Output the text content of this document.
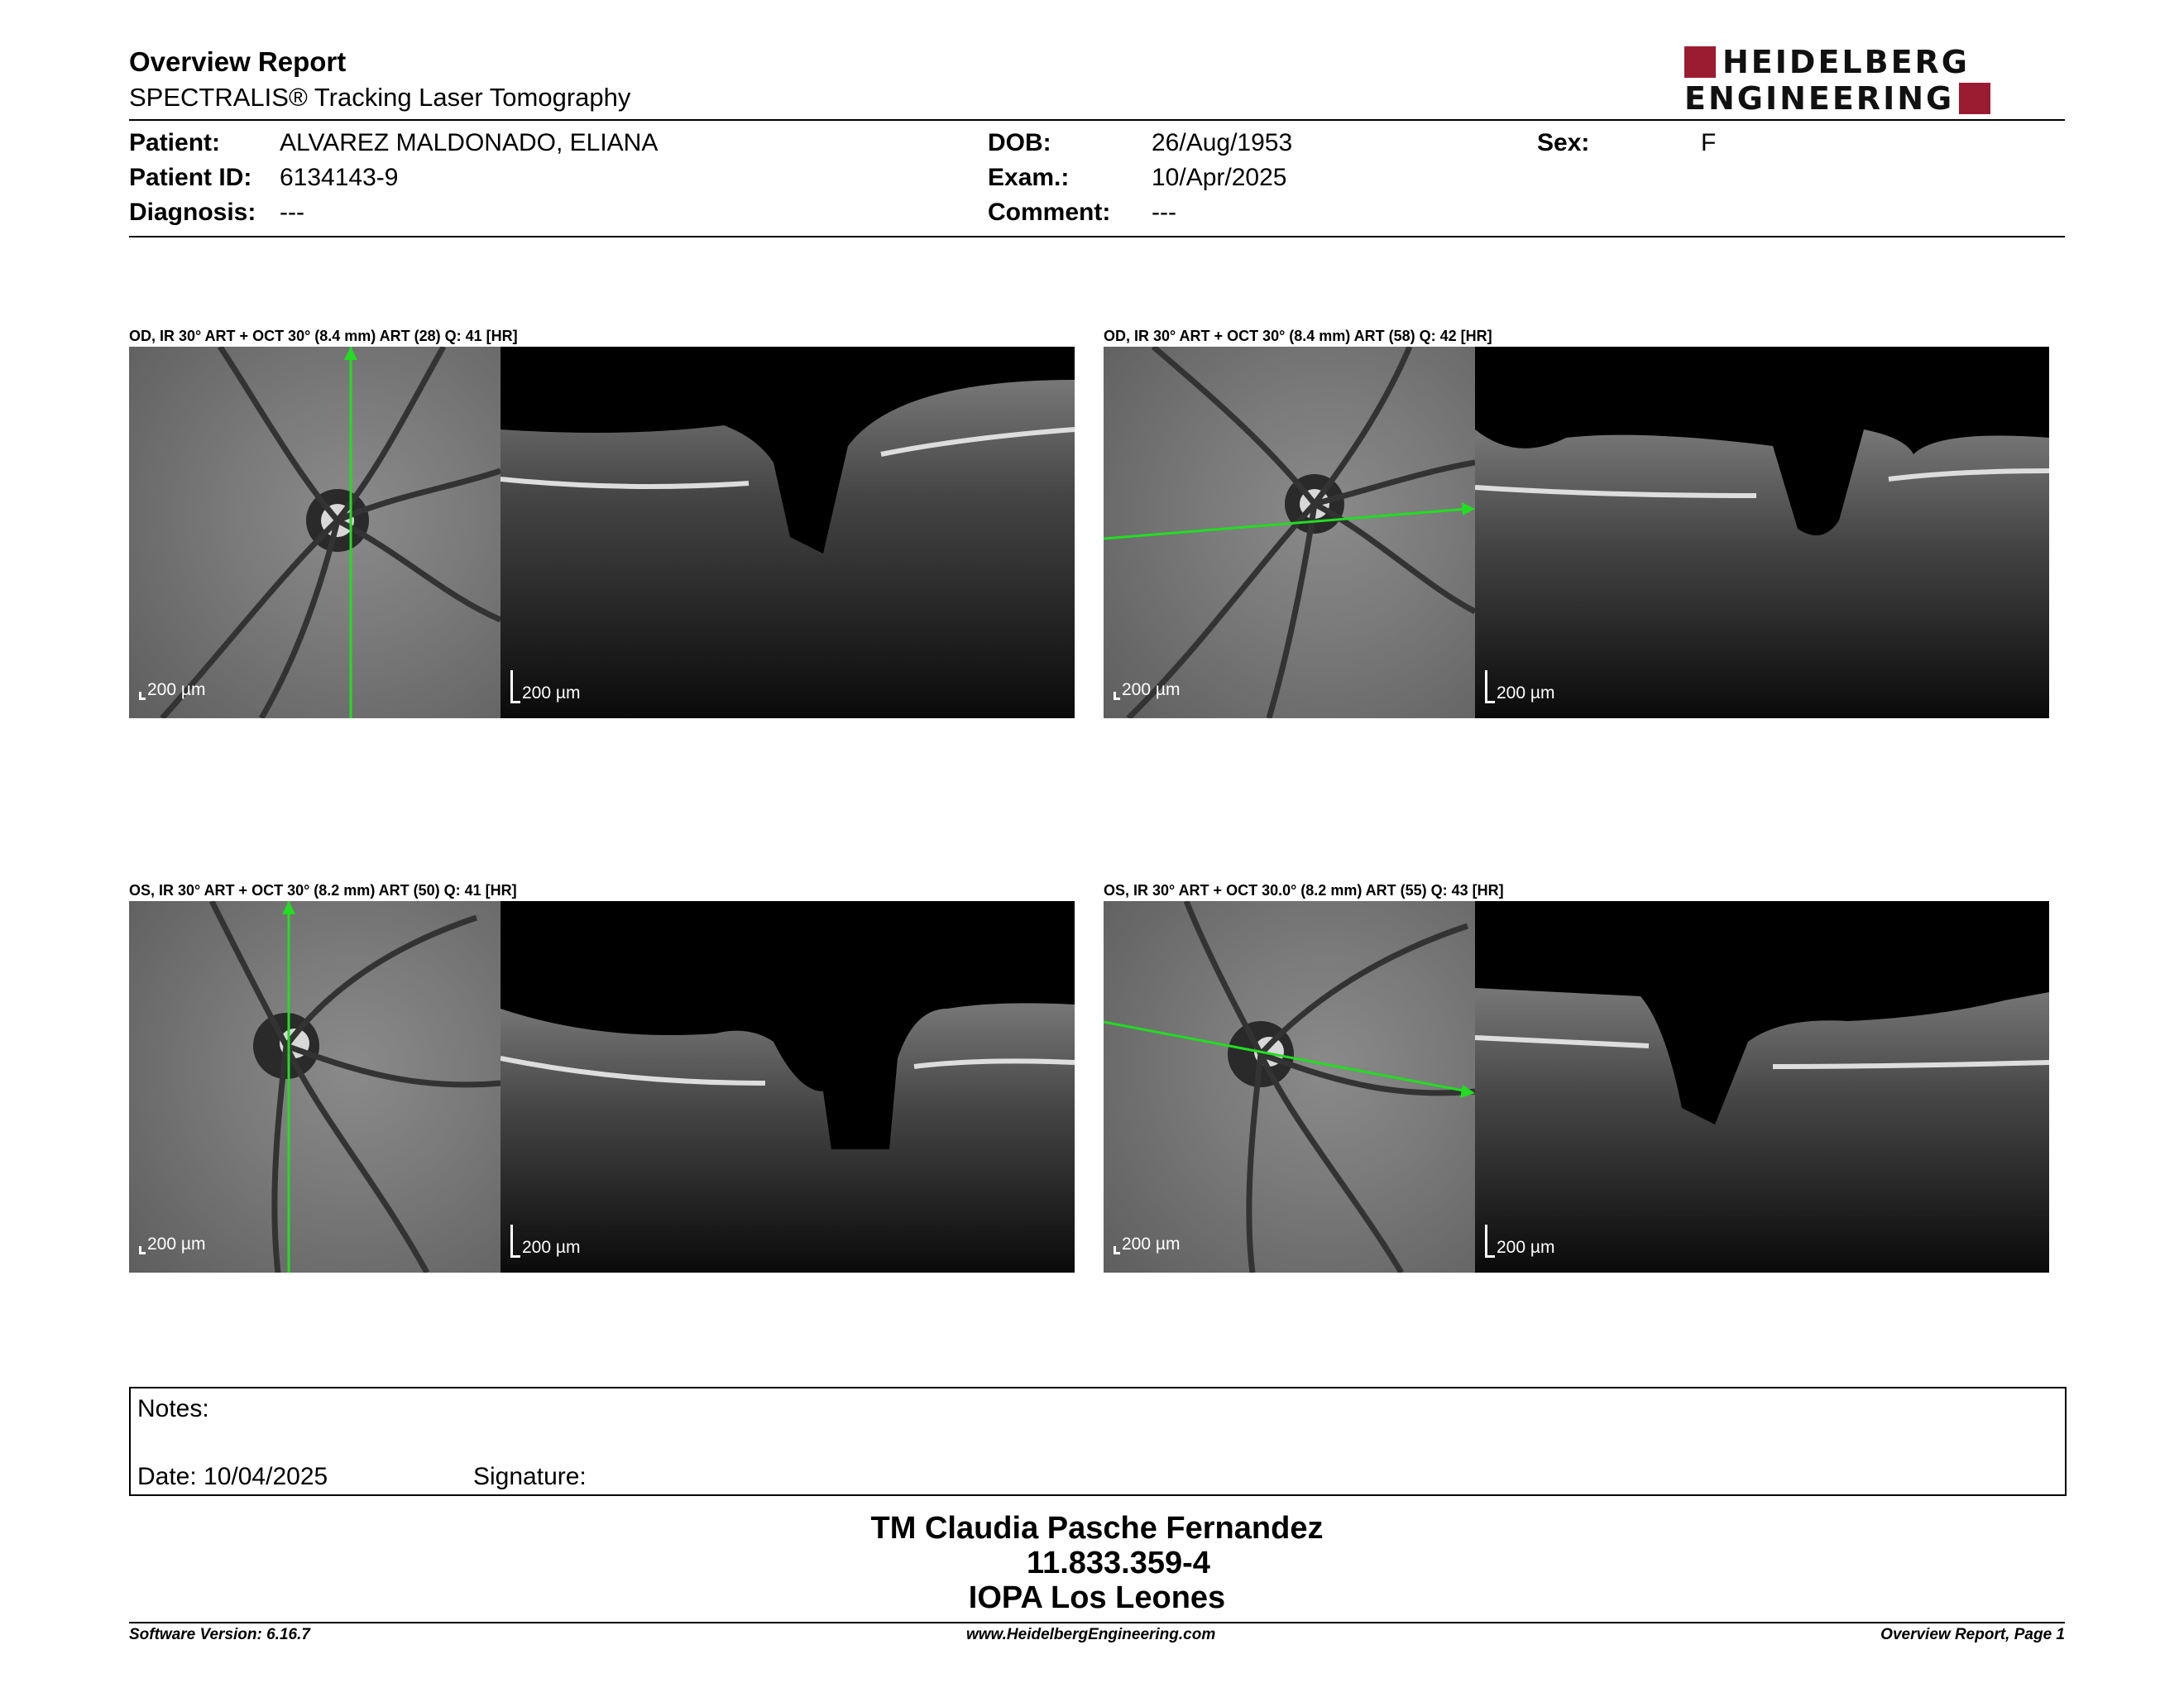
Overview Report
SPECTRALIS® Tracking Laser Tomography
HEIDELBERG
ENGINEERING
Patient: ALVAREZ MALDONADO, ELIANA
Patient ID: 6134143-9
Diagnosis: ---
DOB:	26/Aug/1953
Exam.:	10/Apr/2025
Comment: ---
Sex:	F
OD, IR 30° ART + OCT 30° (8.4 mm) ART (28) Q: 41 [HR]
200 µm	200 µm
OD, IR 30° ART + OCT 30° (8.4 mm) ART (58) Q: 42 [HR]
200 µm	200 µm
OS, IR 30° ART + OCT 30° (8.2 mm) ART (50) Q: 41 [HR]
200 µm	200 µm
OS, IR 30° ART + OCT 30.0° (8.2 mm) ART (55) Q: 43 [HR]
200 µm	200 µm
Notes:
Date: 10/04/2025	Signature:
TM Claudia Pasche Fernandez
11.833.359-4
IOPA Los Leones
Software Version: 6.16.7	www.HeidelbergEngineering.com	Overview Report, Page 1
